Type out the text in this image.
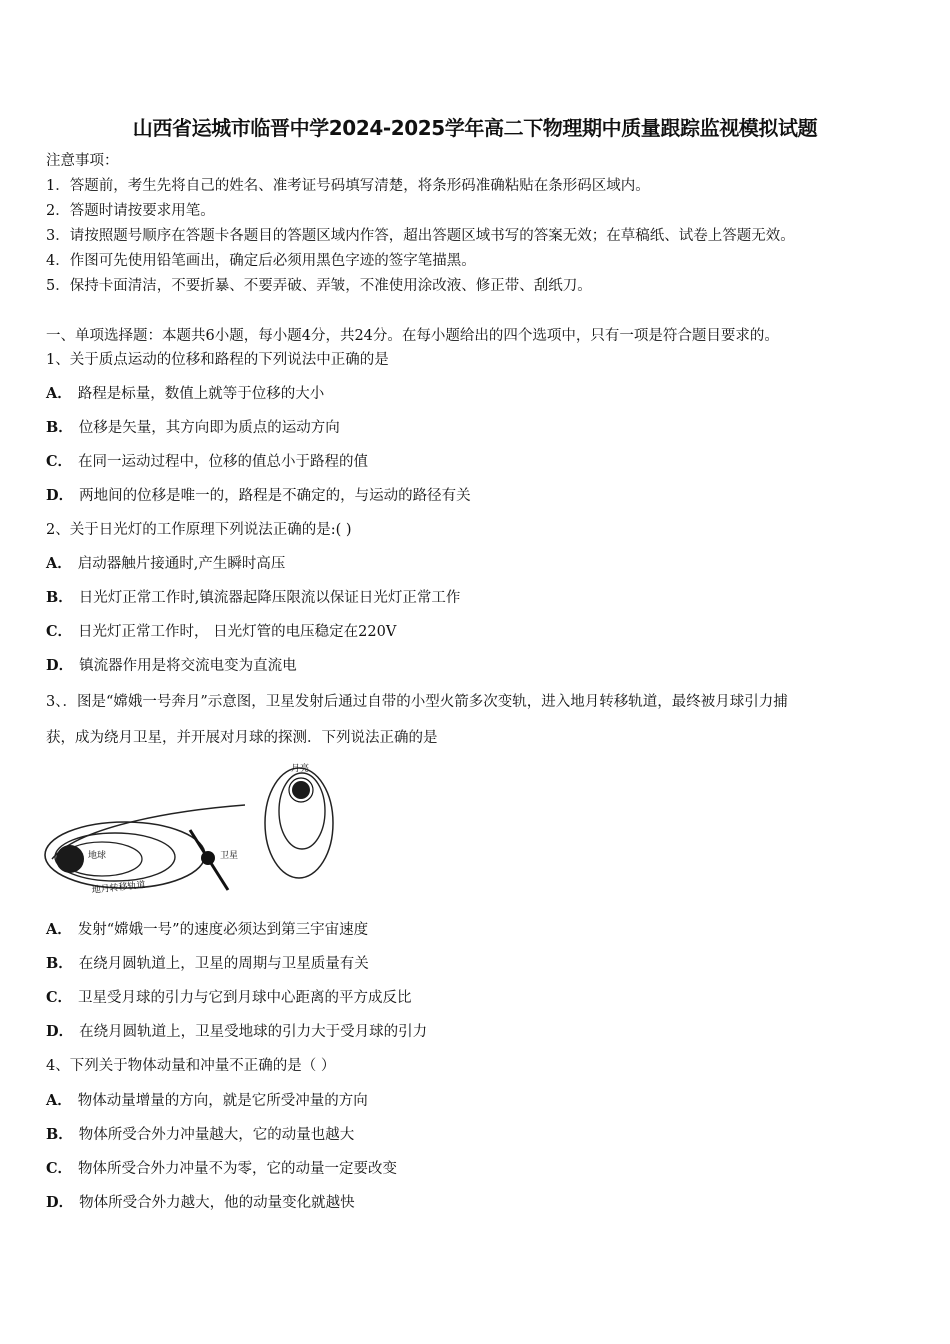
山西省运城市临晋中学2024-2025学年高二下物理期中质量跟踪监视模拟试题
注意事项：
1．答题前，考生先将自己的姓名、准考证号码填写清楚，将条形码准确粘贴在条形码区域内。
2．答题时请按要求用笔。
3．请按照题号顺序在答题卡各题目的答题区域内作答，超出答题区域书写的答案无效；在草稿纸、试卷上答题无效。
4．作图可先使用铅笔画出，确定后必须用黑色字迹的签字笔描黑。
5．保持卡面清洁，不要折暴、不要弄破、弄皱，不准使用涂改液、修正带、刮纸刀。
一、单项选择题：本题共6小题，每小题4分，共24分。在每小题给出的四个选项中，只有一项是符合题目要求的。
1、关于质点运动的位移和路程的下列说法中正确的是
A． 路程是标量，数值上就等于位移的大小
B． 位移是矢量，其方向即为质点的运动方向
C． 在同一运动过程中，位移的值总小于路程的值
D． 两地间的位移是唯一的，路程是不确定的，与运动的路径有关
2、关于日光灯的工作原理下列说法正确的是:( )
A． 启动器触片接通时,产生瞬时高压
B． 日光灯正常工作时,镇流器起降压限流以保证日光灯正常工作
C． 日光灯正常工作时， 日光灯管的电压稳定在220V
D． 镇流器作用是将交流电变为直流电
3、．图是“嫦娥一号奔月”示意图，卫星发射后通过自带的小型火箭多次变轨，进入地月转移轨道，最终被月球引力捕
获，成为绕月卫星，并开展对月球的探测．下列说法正确的是
地球	卫星
地月转移轨道
月亮
A． 发射“嫦娥一号”的速度必须达到第三宇宙速度
B． 在绕月圆轨道上，卫星的周期与卫星质量有关
C． 卫星受月球的引力与它到月球中心距离的平方成反比
D． 在绕月圆轨道上，卫星受地球的引力大于受月球的引力
4、下列关于物体动量和冲量不正确的是（ ）
A． 物体动量增量的方向，就是它所受冲量的方向
B． 物体所受合外力冲量越大，它的动量也越大
C． 物体所受合外力冲量不为零，它的动量一定要改变
D． 物体所受合外力越大，他的动量变化就越快
